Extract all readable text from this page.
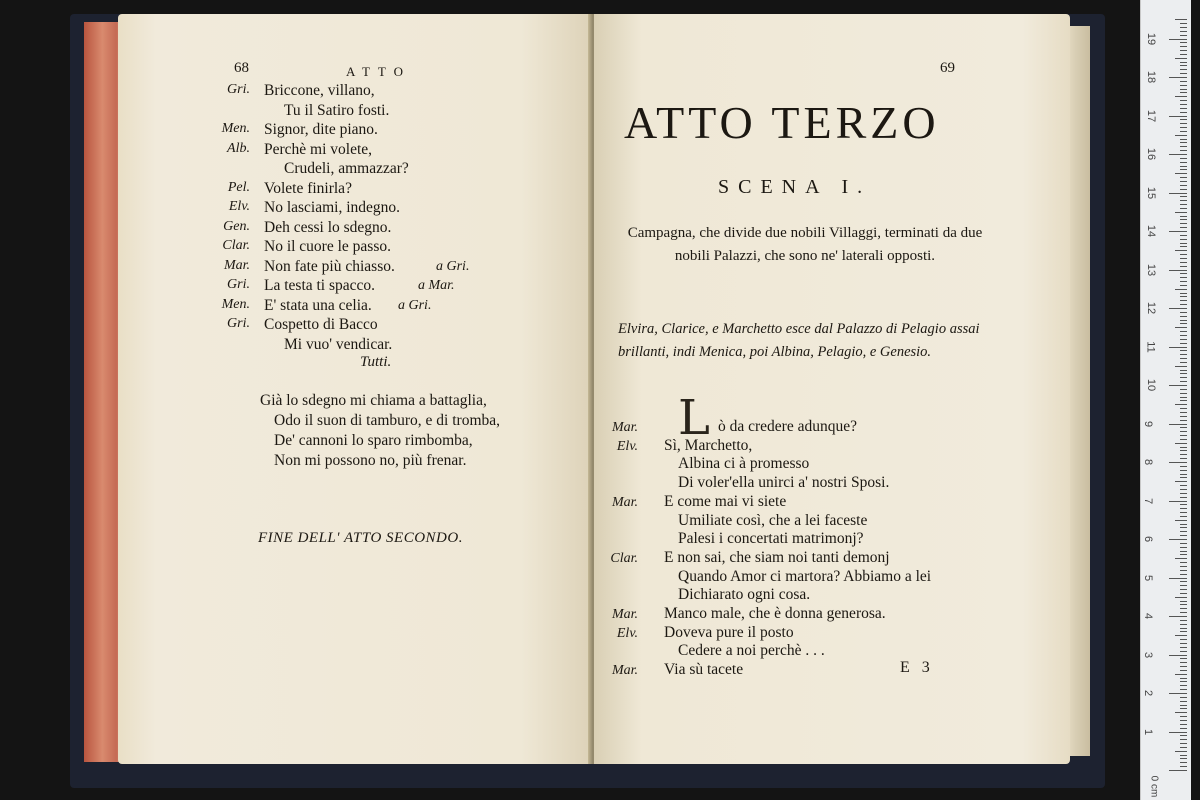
68	ATTO
Gri. Briccone, villano,
Tu il Satiro fosti.
Men. Signor, dite piano.
Alb. Perchè mi volete,
Crudeli, ammazzar?
Pel. Volete finirla?
Elv. No lasciami, indegno.
Gen. Deh cessi lo sdegno.
Clar. No il cuore le passo.
Mar. Non fate più chiasso.	a Gri.
Gri. La testa ti spacco.	a Mar.
Men. E' stata una celia. a Gri.
Gri. Cospetto di Bacco
Mi vuo' vendicar.
Tutti.
Già lo sdegno mi chiama a battaglia,
Odo il suon di tamburo, e di tromba,
De' cannoni lo sparo rimbomba,
Non mi possono no, più frenar.
FINE DELL' ATTO SECONDO.
69
ATTO TERZO
SCENA I.
Campagna, che divide due nobili Villaggi, terminati da due nobili Palazzi, che sono ne' laterali opposti.
Elvira, Clarice, e Marchetto esce dal Palazzo di Pelagio assai brillanti, indi Menica, poi Albina, Pelagio, e Genesio.
Mar. L ò da credere adunque?
Elv. Sì, Marchetto,
Albina ci à promesso
Di voler'ella unirci a' nostri Sposi.
Mar. E come mai vi siete
Umiliate così, che a lei faceste
Palesi i concertati matrimonj?
Clar. E non sai, che siam noi tanti demonj
Quando Amor ci martora? Abbiamo a lei
Dichiarato ogni cosa.
Mar. Manco male, che è donna generosa.
Elv. Doveva pure il posto
Cedere a noi perchè . . .
Mar. Via sù tacete	E 3
1
2
3
4
5
6
7
8
9
10
11
12
13
14
15
16
17
18
19
0 cm
